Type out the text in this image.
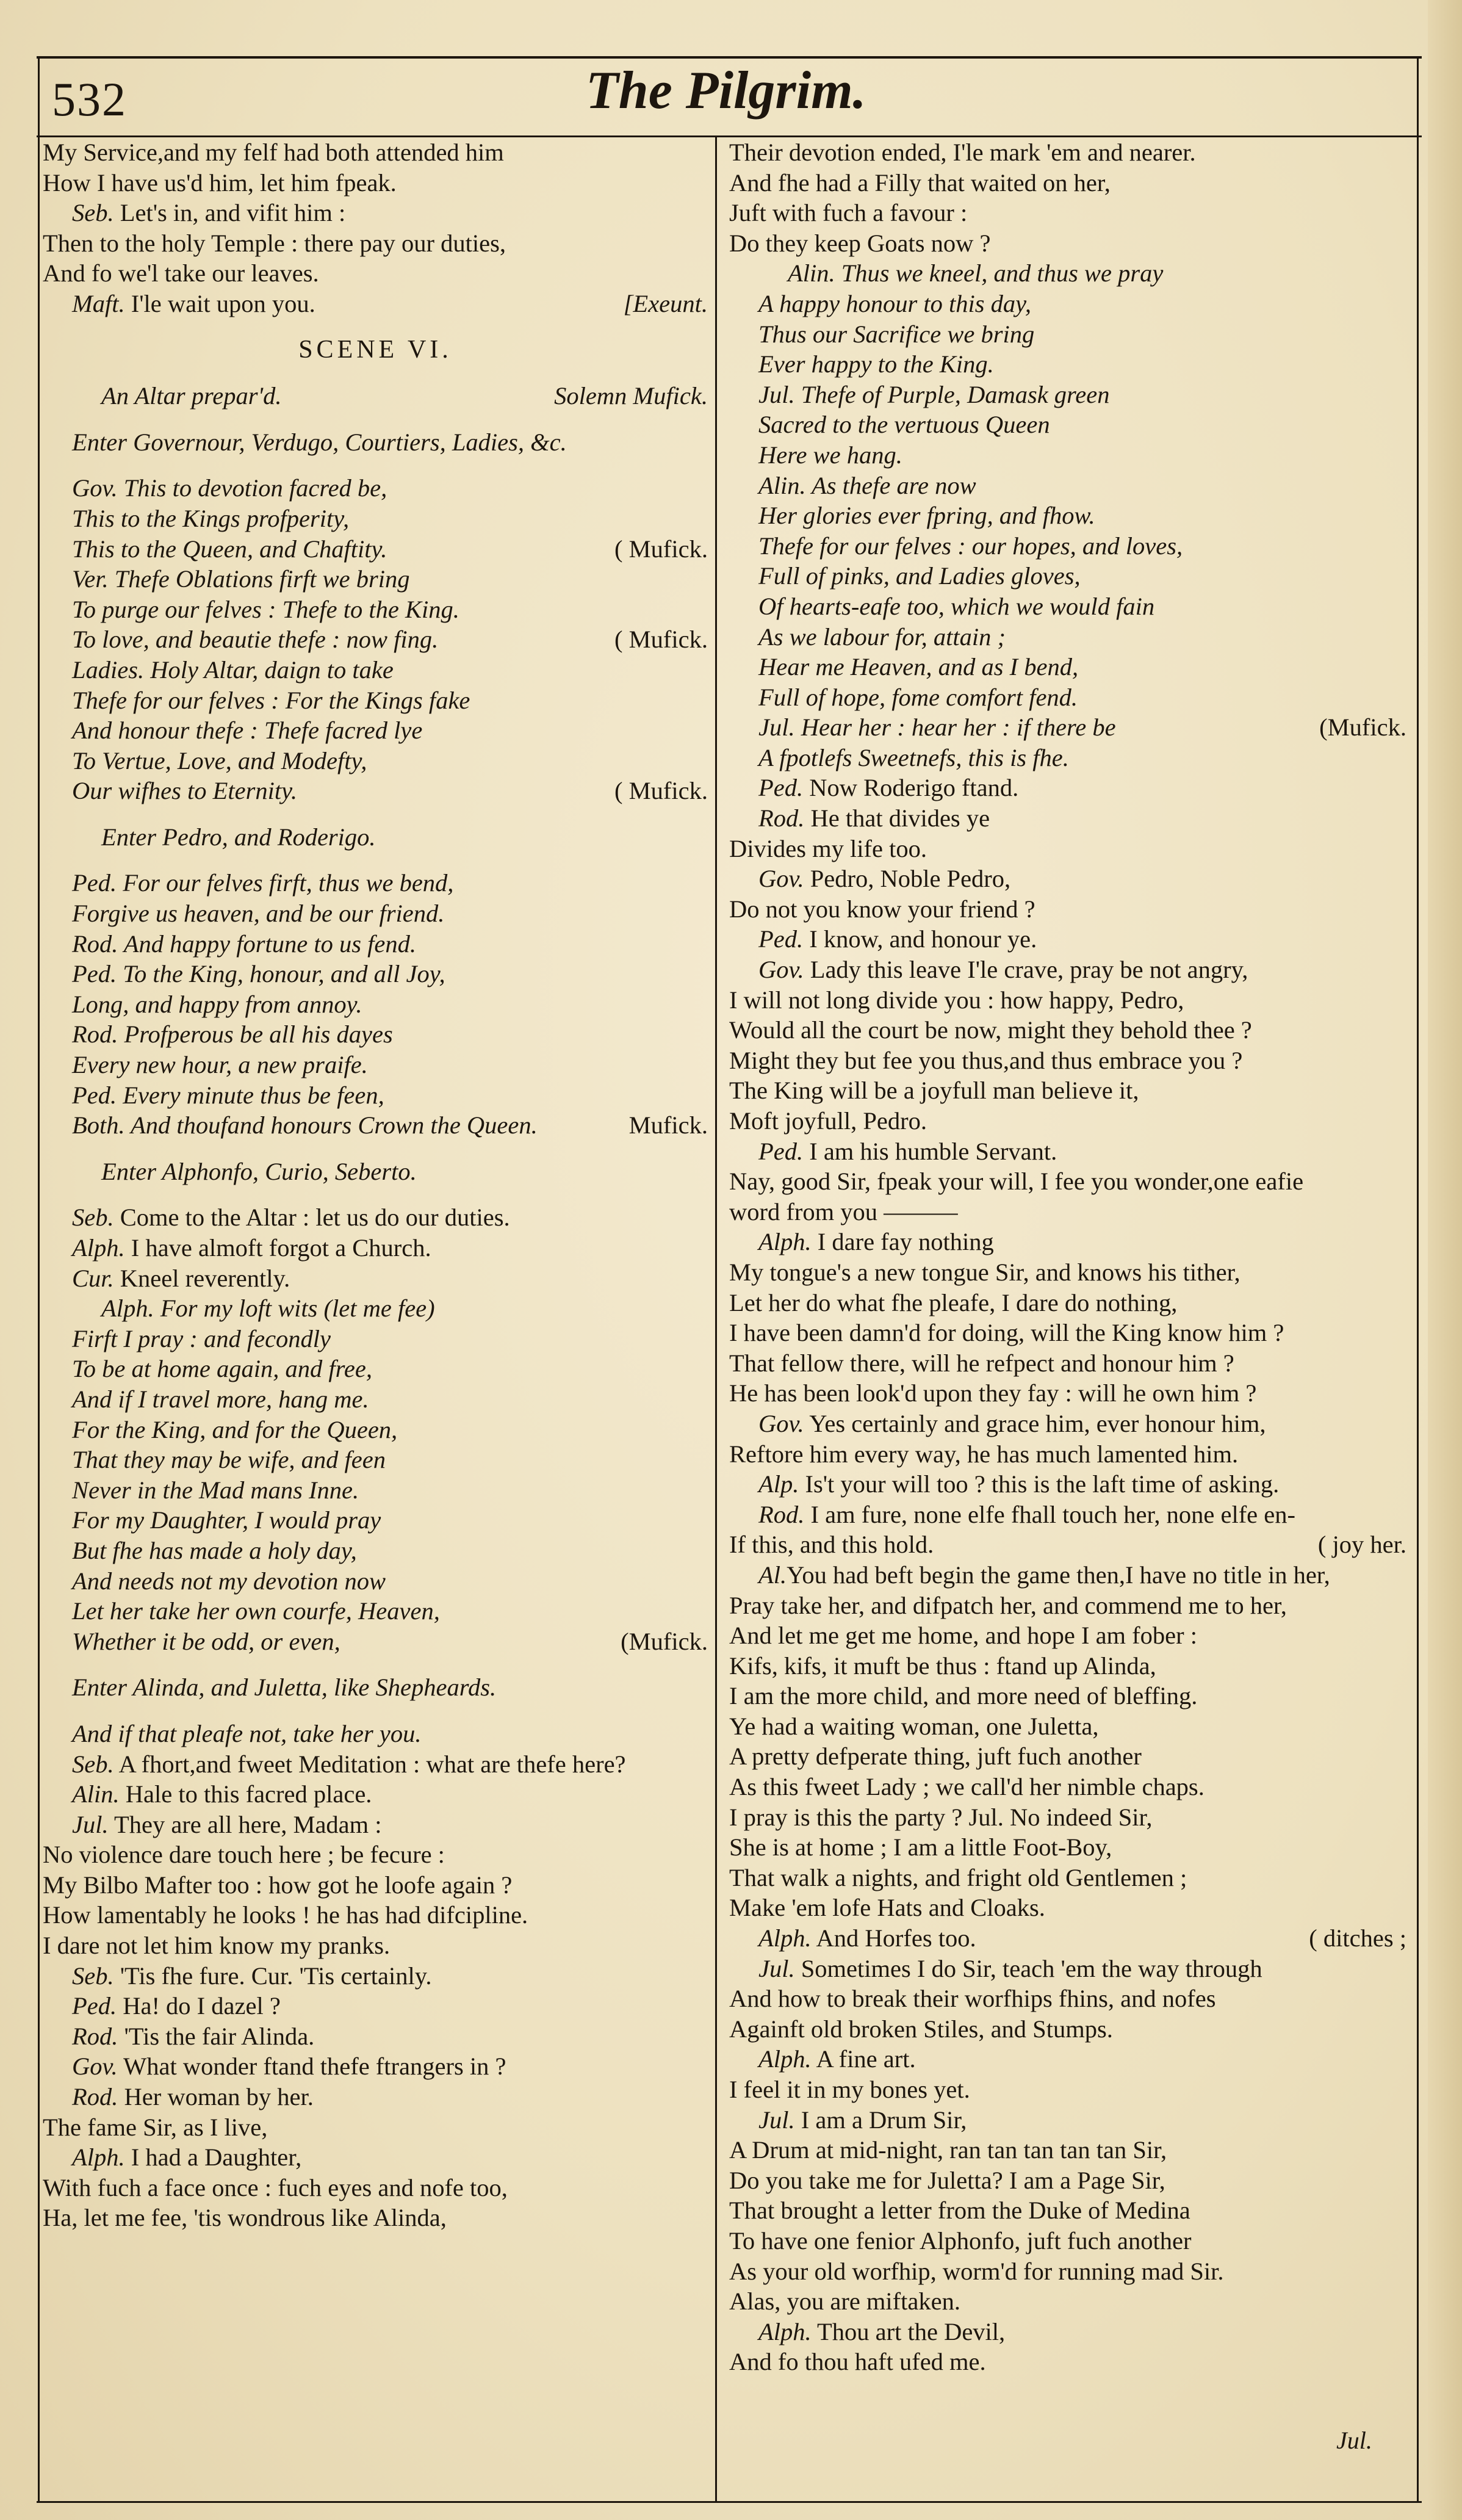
532	The Pilgrim.
My Service,and my felf had both attended him
How I have us'd him, let him fpeak.
Seb. Let's in, and vifit him :
Then to the holy Temple : there pay our duties,
And fo we'l take our leaves.
Maft. I'le wait upon you.	[Exeunt.
SCENE VI.
An Altar prepar'd.	Solemn Mufick.
Enter Governour, Verdugo, Courtiers, Ladies, &c.
Gov. This to devotion facred be,
This to the Kings profperity,
This to the Queen, and Chaftity.	( Mufick.
Ver. Thefe Oblations firft we bring
To purge our felves : Thefe to the King.
To love, and beautie thefe : now fing.	( Mufick.
Ladies. Holy Altar, daign to take
Thefe for our felves : For the Kings fake
And honour thefe : Thefe facred lye
To Vertue, Love, and Modefty,
Our wifhes to Eternity.	( Mufick.
Enter Pedro, and Roderigo.
Ped. For our felves firft, thus we bend,
Forgive us heaven, and be our friend.
Rod. And happy fortune to us fend.
Ped. To the King, honour, and all Joy,
Long, and happy from annoy.
Rod. Profperous be all his dayes
Every new hour, a new praife.
Ped. Every minute thus be feen,
Both. And thoufand honours Crown the Queen.	Mufick.
Enter Alphonfo, Curio, Seberto.
Seb. Come to the Altar : let us do our duties.
Alph. I have almoft forgot a Church.
Cur. Kneel reverently.
Alph. For my loft wits (let me fee)
Firft I pray : and fecondly
To be at home again, and free,
And if I travel more, hang me.
For the King, and for the Queen,
That they may be wife, and feen
Never in the Mad mans Inne.
For my Daughter, I would pray
But fhe has made a holy day,
And needs not my devotion now
Let her take her own courfe, Heaven,
Whether it be odd, or even,	(Mufick.
Enter Alinda, and Juletta, like Shepheards.
And if that pleafe not, take her you.
Seb. A fhort,and fweet Meditation : what are thefe here?
Alin. Hale to this facred place.
Jul. They are all here, Madam :
No violence dare touch here ; be fecure :
My Bilbo Mafter too : how got he loofe again ?
How lamentably he looks ! he has had difcipline.
I dare not let him know my pranks.
Seb. 'Tis fhe fure. Cur. 'Tis certainly.
Ped. Ha! do I dazel ?
Rod. 'Tis the fair Alinda.
Gov. What wonder ftand thefe ftrangers in ?
Rod. Her woman by her.
The fame Sir, as I live,
Alph. I had a Daughter,
With fuch a face once : fuch eyes and nofe too,
Ha, let me fee, 'tis wondrous like Alinda,
Their devotion ended, I'le mark 'em and nearer.
And fhe had a Filly that waited on her,
Juft with fuch a favour :
Do they keep Goats now ?
Alin. Thus we kneel, and thus we pray
A happy honour to this day,
Thus our Sacrifice we bring
Ever happy to the King.
Jul. Thefe of Purple, Damask green
Sacred to the vertuous Queen
Here we hang.
Alin. As thefe are now
Her glories ever fpring, and fhow.
Thefe for our felves : our hopes, and loves,
Full of pinks, and Ladies gloves,
Of hearts-eafe too, which we would fain
As we labour for, attain ;
Hear me Heaven, and as I bend,
Full of hope, fome comfort fend.
Jul. Hear her : hear her : if there be	(Mufick.
A fpotlefs Sweetnefs, this is fhe.
Ped. Now Roderigo ftand.
Rod. He that divides ye
Divides my life too.
Gov. Pedro, Noble Pedro,
Do not you know your friend ?
Ped. I know, and honour ye.
Gov. Lady this leave I'le crave, pray be not angry,
I will not long divide you : how happy, Pedro,
Would all the court be now, might they behold thee ?
Might they but fee you thus,and thus embrace you ?
The King will be a joyfull man believe it,
Moft joyfull, Pedro.
Ped. I am his humble Servant.
Nay, good Sir, fpeak your will, I fee you wonder,one eafie
word from you ———
Alph. I dare fay nothing
My tongue's a new tongue Sir, and knows his tither,
Let her do what fhe pleafe, I dare do nothing,
I have been damn'd for doing, will the King know him ?
That fellow there, will he refpect and honour him ?
He has been look'd upon they fay : will he own him ?
Gov. Yes certainly and grace him, ever honour him,
Reftore him every way, he has much lamented him.
Alp. Is't your will too ? this is the laft time of asking.
Rod. I am fure, none elfe fhall touch her, none elfe en-
If this, and this hold.	( joy her.
Al.You had beft begin the game then,I have no title in her,
Pray take her, and difpatch her, and commend me to her,
And let me get me home, and hope I am fober :
Kifs, kifs, it muft be thus : ftand up Alinda,
I am the more child, and more need of bleffing.
Ye had a waiting woman, one Juletta,
A pretty defperate thing, juft fuch another
As this fweet Lady ; we call'd her nimble chaps.
I pray is this the party ? Jul. No indeed Sir,
She is at home ; I am a little Foot-Boy,
That walk a nights, and fright old Gentlemen ;
Make 'em lofe Hats and Cloaks.
Alph. And Horfes too.	( ditches ;
Jul. Sometimes I do Sir, teach 'em the way through
And how to break their worfhips fhins, and nofes
Againft old broken Stiles, and Stumps.
Alph. A fine art.
I feel it in my bones yet.
Jul. I am a Drum Sir,
A Drum at mid-night, ran tan tan tan tan Sir,
Do you take me for Juletta? I am a Page Sir,
That brought a letter from the Duke of Medina
To have one fenior Alphonfo, juft fuch another
As your old worfhip, worm'd for running mad Sir.
Alas, you are miftaken.
Alph. Thou art the Devil,
And fo thou haft ufed me.
Jul.
